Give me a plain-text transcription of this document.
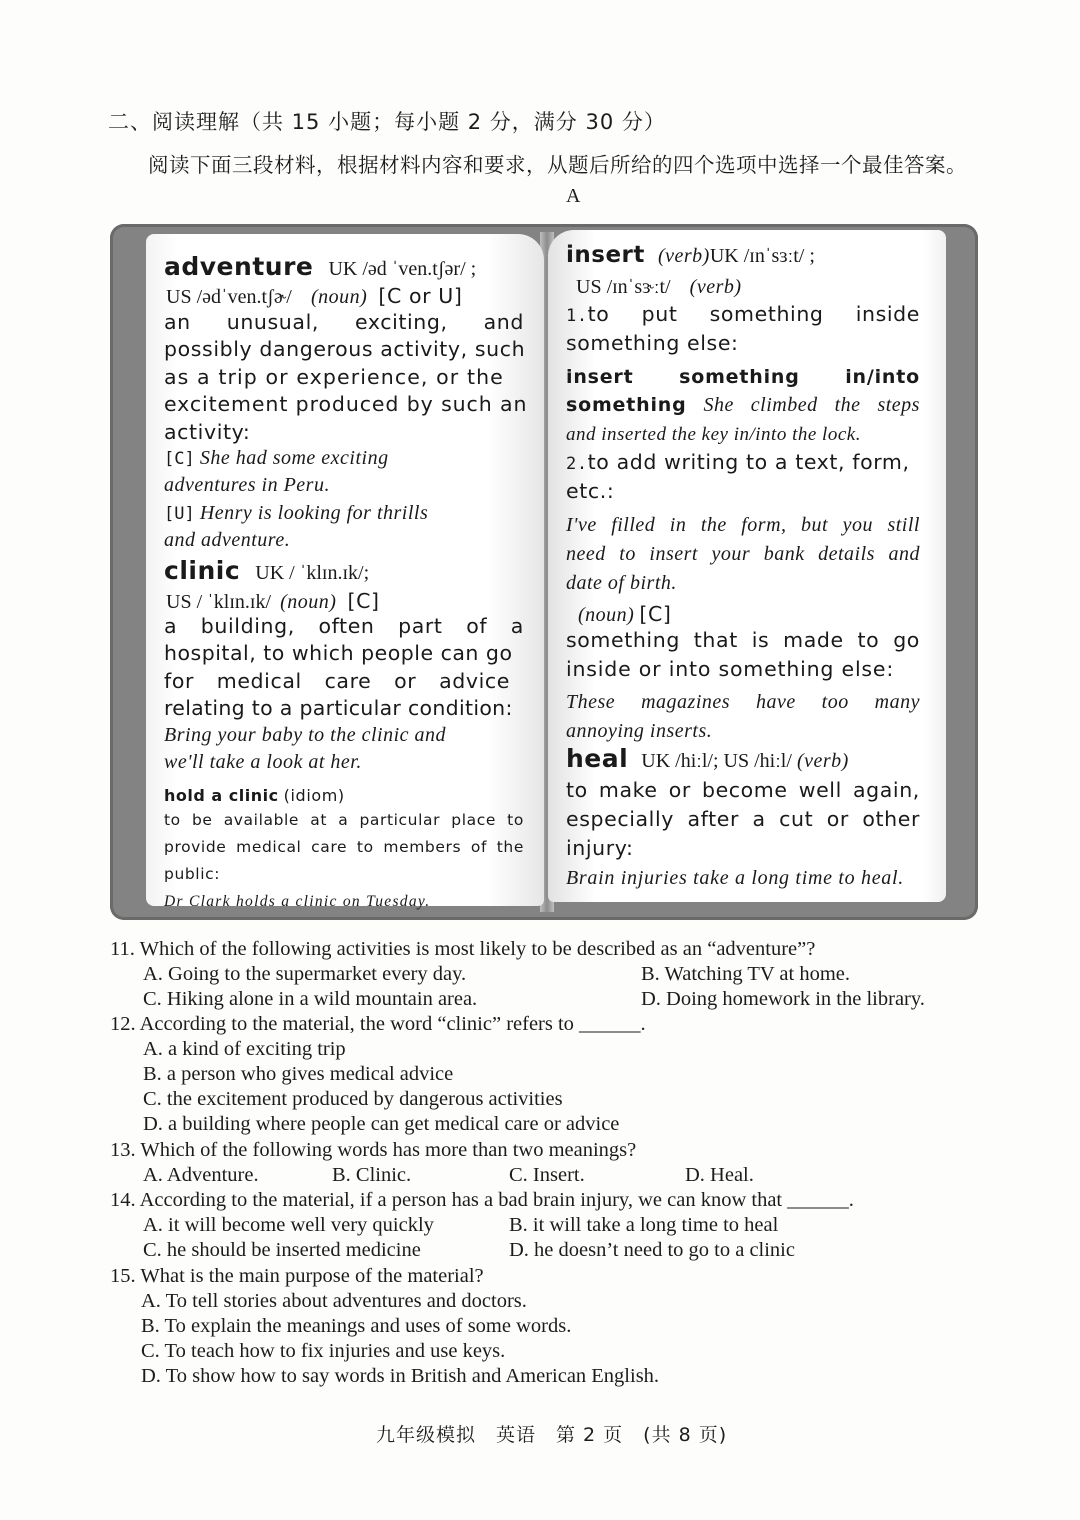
二、阅读理解（共 15 小题；每小题 2 分，满分 30 分）
阅读下面三段材料，根据材料内容和要求，从题后所给的四个选项中选择一个最佳答案。
A
adventure UK /əd ˈven.tʃər/ ;
US /ədˈven.tʃɚ/ (noun) [C or U]
an unusual, exciting, and
possibly dangerous activity, such
as a trip or experience, or the
excitement produced by such an
activity:
[C] She had some exciting
adventures in Peru.
[U] Henry is looking for thrills
and adventure.
clinic UK / ˈklɪn.ɪk/;
US / ˈklɪn.ɪk/ (noun) [C]
a building, often part of a
hospital, to which people can go
for medical care or advice
relating to a particular condition:
Bring your baby to the clinic and
we'll take a look at her.
hold a clinic (idiom)
to be available at a particular place to
provide medical care to members of the
public:
Dr Clark holds a clinic on Tuesday.
insert (verb)UK /ɪnˈsɜːt/ ;
US /ɪnˈsɝːt/ (verb)
1.to put something inside
something else:
insert something in/into
something She climbed the steps
and inserted the key in/into the lock.
2.to add writing to a text, form,
etc.:
I've filled in the form, but you still
need to insert your bank details and
date of birth.
(noun) [C]
something that is made to go
inside or into something else:
These magazines have too many
annoying inserts.
heal UK /hiːl/; US /hiːl/ (verb)
to make or become well again,
especially after a cut or other
injury:
Brain injuries take a long time to heal.
11. Which of the following activities is most likely to be described as an “adventure”?
A. Going to the supermarket every day.	B. Watching TV at home.
C. Hiking alone in a wild mountain area.	D. Doing homework in the library.
12. According to the material, the word “clinic” refers to ______.
A. a kind of exciting trip
B. a person who gives medical advice
C. the excitement produced by dangerous activities
D. a building where people can get medical care or advice
13. Which of the following words has more than two meanings?
A. Adventure.	B. Clinic.	C. Insert.	D. Heal.
14. According to the material, if a person has a bad brain injury, we can know that ______.
A. it will become well very quickly	B. it will take a long time to heal
C. he should be inserted medicine	D. he doesn’t need to go to a clinic
15. What is the main purpose of the material?
A. To tell stories about adventures and doctors.
B. To explain the meanings and uses of some words.
C. To teach how to fix injuries and use keys.
D. To show how to say words in British and American English.
九年级模拟　英语　第 2 页　(共 8 页)
